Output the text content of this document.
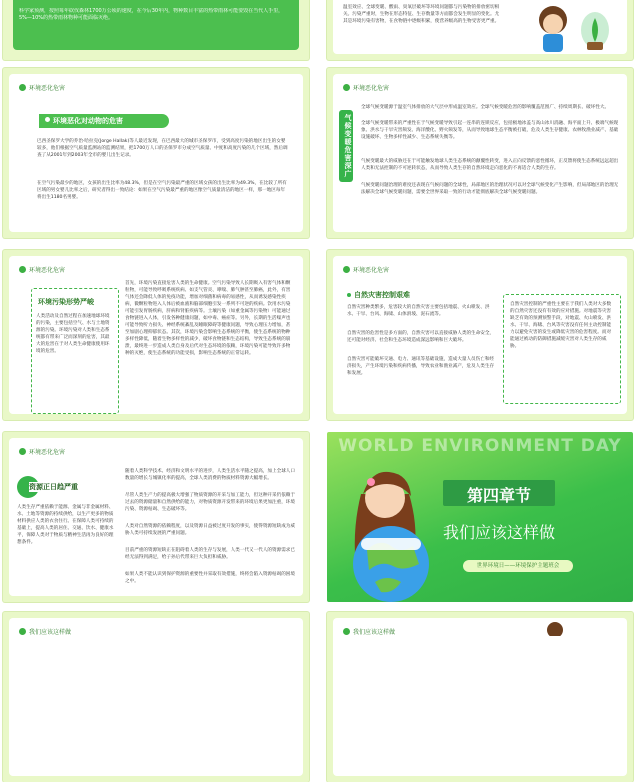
科学家预测，按照每年砍伐森林1700万公顷的速度，在今后30年内，物种数目丰富的热带雨林可能要毁在当代人手里，5%—10%的热带雨林物种可能面临灭绝。
温室效应、全球变暖、酸雨、臭氧层破坏等环境问题都与污染物的排放密切相关。污染严重时，生物在形态特征、生存数量等方面都会发生明显的变化。尤其是环境污染有害物，在食物链中逐级积累，使营养级高的生物受害更严重。
环境恶化危害
环境恶化对动物的危害
巴西圣保罗大学的乔治·哈拉克(Jorge Hallak)等人最近发现，在巴西最大的城市圣保罗市，受到高度污染的地区出生的女婴较多，他们根据空气质量监测站的监测结果，把1700万人口的圣保罗市分成空气质量、中度和高度污染的几个区域，然后调查了从2001年到2003年全市的婴儿出生记录。
在空气污染最少的地区，女孩的出生比率为48.3%，但是在空气污染最严重的区域女孩的出生比率为49.3%，在比较了所有区域的男女婴儿比率之后，研究者得出一致结论：如果在空气污染最严重的地区像空气质量清洁的地区一样，那一地区每年将出生1180名男婴。
环境恶化危害
气候变暖危害深广
全球气候变暖源于温室气体排放的大气层中形成温室效应。全球气候变暖危害的影响覆盖范围广、持续周期长、破坏性大。
全球气候变暖带来的严重性在于气候变暖导致引起一连串的连锁反应，包括极地冰盖与高山冰川消融、海平面上升、极端气候现象、洪水与干旱灾害频发、海洋酸化、野火频发等，从而导致地球生态平衡被打破，危及人类生存健康、农林牧渔业减产、基础设施破坏、生物多样性减少、生态系统失衡等。
气候变暖最大的威胁还在于可能触发地球人类生态系统的颠覆性转变，进入正向反馈的恶性循环，正反馈将使生态系统远远超出人类和无法控制的不可逆转状态，从而导致人类生存的自然环境走向恶化的不再适合人类的生存。
气候变暖问题治理的难度还表现在气候问题的全球性，局部地区的治理状况可以对全球气候变化产生影响，但局部地区的治理无法解决全球气候变暖问题，需要全世界采取一致的行动才能彻底解决全球气候变暖问题。
环境恶化危害
环境污染形势严峻
人类活动及自然过程在加速地球环境的污染，主要包括空气、水与土地资源的污染。环境污染对人类和生态系统都有带来广泛而深刻的危害，其最大的危害在于对人类生命健康使用环境的危害。
首先，环境污染直接危害人类的生命健康。空气污染导致人长期吸入有害气体和颗粒物，可能导致呼吸系统疾病、如支气管炎、哮喘、肺气肿甚至肺癌，此外，有害气体还会降低人体的免疫功能，增加对细菌和病毒的易感性，从而诱发感染性疾病，微颗粒物进入人体后被血液和脑部细胞引发一系列不可逆的疾病。饮用水污染可能引发胃肠疾病，肝病和肾脏疾病等。土壤污染（如重金属等污染物）可能通过食物链进入人体，引发各种健康问题，如中毒、癌症等。另外，长期的生活噪声也可能导致听力损失、神经系统紊乱及睡眠障碍等健康问题，导致心理压力增加，甚至加剧心理抑郁状态。其次，环境污染会影响生态系统的平衡，使生态系统的物种多样性降低，随着生物多样性的减少，破坏食物链和生态结构，导致生态系统的崩溃，最终进一步造成人类自身及后代对生态环境的依赖，环境污染可能导致许多物种的灭绝，使生态系统的功能受损，影响生态系统的正常运转。
环境恶化危害
自然灾害控制艰难
自然灾害种类繁多，危害较大的自然灾害主要包括地震、火山喷发、洪水、干旱、台风、海啸、山体滑坡、泥石流等。
自然灾害的危害性是多方面的，自然灾害可以直接威胁人类的生命安全，还可能对经济、社会和生态环境造成深远影响和巨大破坏。
自然灾害可能破坏交通、电力、通讯等基础设施，造成大量人员伤亡和经济损失，产生环境污染和疾病传播，导致农业和渔业减产，危及人类生存和发展。
自然灾害控制的严重性主要在于我们人类对大多数的自然灾害还没有有效的应对措施。对地震等灾害缺乏有效的预测预警手段，对地震、火山喷发、洪水、干旱、海啸、台风等灾害没有任何主动控制能力以避免灾害的发生或降低灾害的危害程度。而对能通过被动的防御措施减缓灾害对人类生存的威胁。
环境恶化危害
资源正日趋严重
人类生存严重依赖于能源、金属与非金属材料、水、土地等资源的持续供给，以生产更多的物质材料供应人类的衣食住行。在保障人类可持续的基础上，提高人类的居住、交通、饮水、健康水平，保障人类对于物质与精神生活再为良好的理想条件。
随着人类科学技术、经济和文明水平的进步，人类生活水平随之提高，加上全球人口数量的增长与城镇化率的提高，全球人类消费的物质材料资源大幅增长。
尽管人类生产力的提高极大增强了物质资源的开采与加工能力，但这种开采仍依赖于过去的资源储量和自然供给的能力，对物质资源开发带来的环境后果更加注重，环境污染、资源枯竭、生态破坏等。
人类对自然资源的依赖程度，以及资源日益被过度开发的事实，使得资源短缺成为威胁人类可持续发展的严重问题。
目前严重的资源短缺正在阻碍着人类的生存与发展，人类一代又一代人的资源需求已经无法得到满足，给子孙后代带来巨大负担和威胁。
如果人类不能认识到保护资源的重要性并采取有效措施，终将会陷入资源枯竭的困境之中。
WORLD ENVIRONMENT DAY
第四章节
我们应该这样做
世界环境日——环境保护主题班会
我们应该这样做	我们应该这样做
